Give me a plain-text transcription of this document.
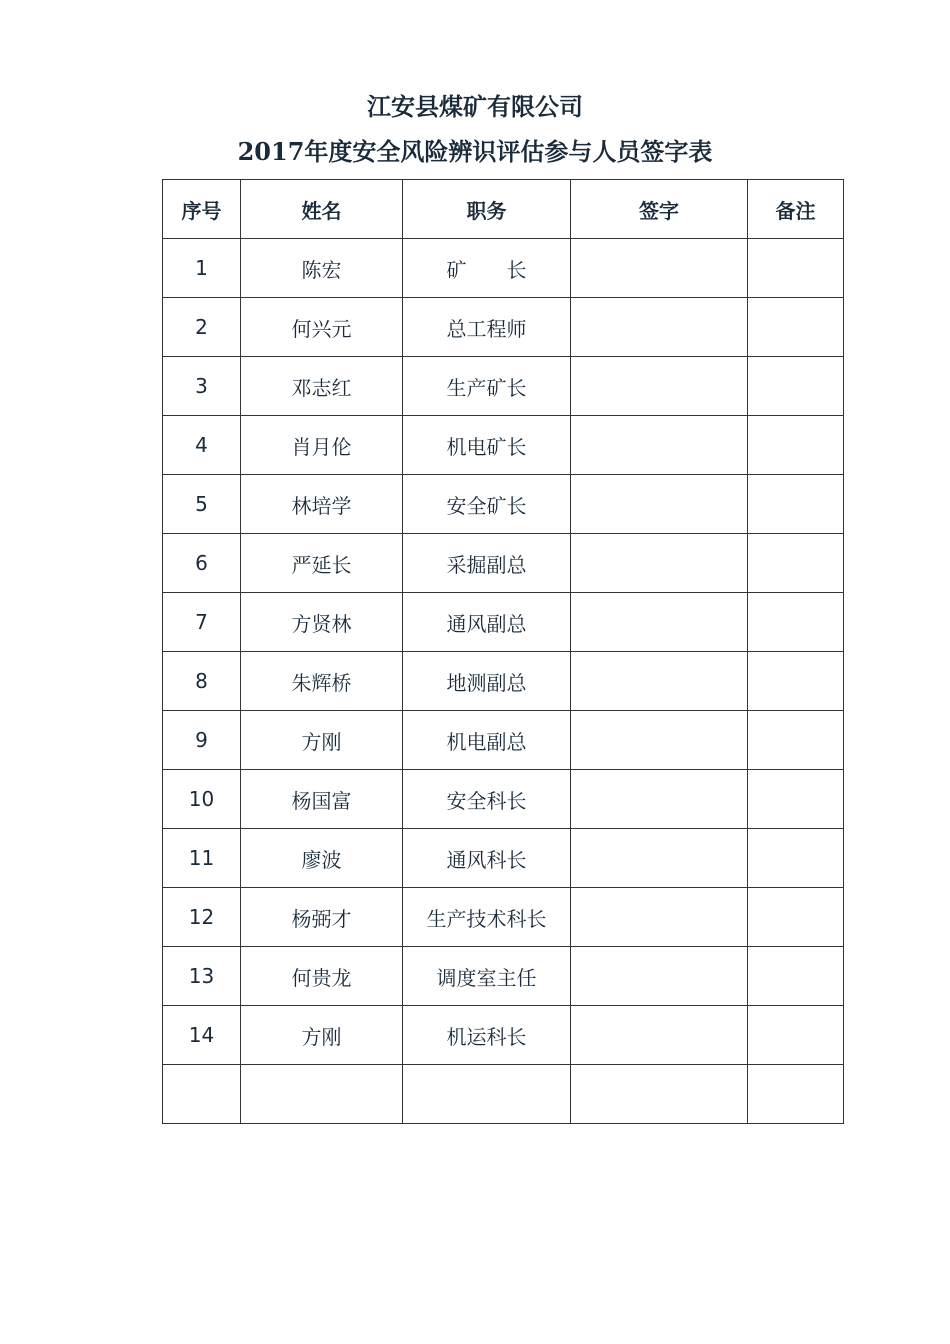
江安县煤矿有限公司
2017年度安全风险辨识评估参与人员签字表
序号	姓名	职务	签字	备注
1	陈宏	矿　　长		
2	何兴元	总工程师		
3	邓志红	生产矿长		
4	肖月伦	机电矿长		
5	林培学	安全矿长		
6	严延长	采掘副总		
7	方贤林	通风副总		
8	朱辉桥	地测副总		
9	方刚	机电副总		
10	杨国富	安全科长		
11	廖波	通风科长		
12	杨弼才	生产技术科长		
13	何贵龙	调度室主任		
14	方刚	机运科长		
